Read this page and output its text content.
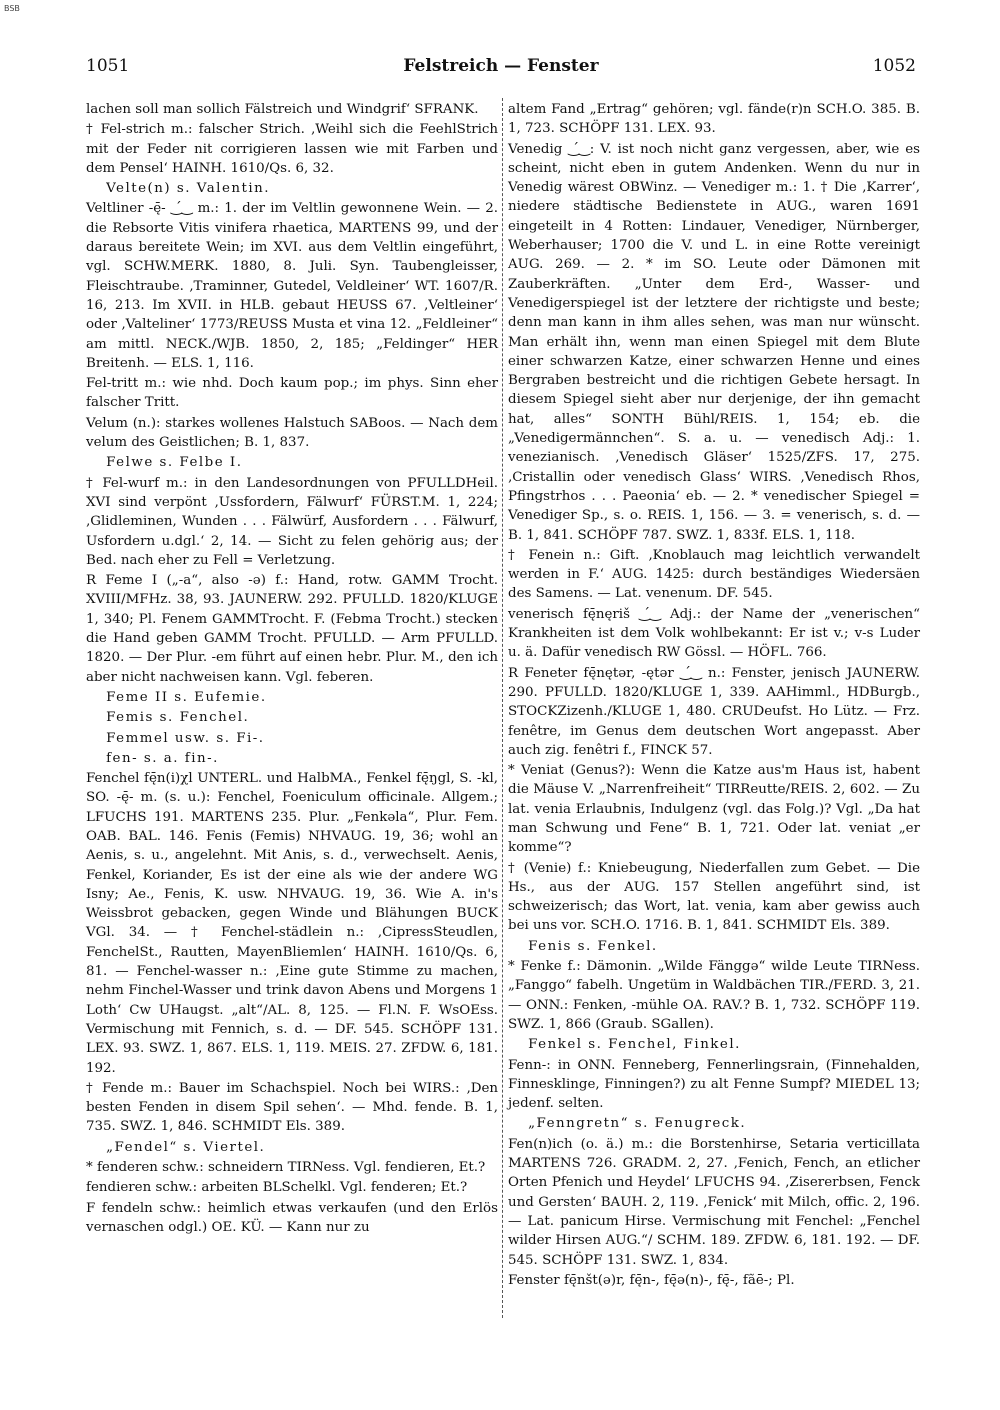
BSB
1051	Felstreich — Fenster	1052

lachen soll man sollich Fälstreich und Windgrif‘ SFRANK.

† Fel-strich m.: falscher Strich. ‚Weihl sich die FeehlStrich mit der Feder nit corrigieren lassen wie mit Farben und dem Pensel‘ HAINH. 1610/Qs. 6, 32.

Velte(n) s. Valentin.

Veltliner -ę̄- ‿́‿ m.: 1. der im Veltlin gewonnene Wein. — 2. die Rebsorte Vitis vinifera rhaetica, MARTENS 99, und der daraus bereitete Wein; im XVI. aus dem Veltlin eingeführt, vgl. SCHW.MERK. 1880, 8. Juli. Syn. Taubengleisser, Fleischtraube. ‚Traminner, Gutedel, Veldleiner‘ WT. 1607/R. 16, 213. Im XVII. in HLB. gebaut HEUSS 67. ‚Veltleiner‘ oder ‚Valteliner‘ 1773/REUSS Musta et vina 12. „Feldleiner“ am mittl. NECK./WJB. 1850, 2, 185; „Feldinger“ HER Breitenh. — ELS. 1, 116.

Fel-tritt m.: wie nhd. Doch kaum pop.; im phys. Sinn eher falscher Tritt.

Velum (n.): starkes wollenes Halstuch SABoos. — Nach dem velum des Geistlichen; B. 1, 837.

Felwe s. Felbe I.

† Fel-wurf m.: in den Landesordnungen von PFULLDHeil. XVI sind verpönt ‚Ussfordern, Fälwurf‘ FÜRST.M. 1, 224; ‚Glidleminen, Wunden . . . Fälwürf, Ausfordern . . . Fälwurf, Usfordern u.dgl.‘ 2, 14. — Sicht zu felen gehörig aus; der Bed. nach eher zu Fell = Verletzung.

R Feme I („-a“, also -ə) f.: Hand, rotw. GAMM Trocht. XVIII/MFHz. 38, 93. JAUNERW. 292. PFULLD. 1820/KLUGE 1, 340; Pl. Fenem GAMMTrocht. F. (Febma Trocht.) stecken die Hand geben GAMM Trocht. PFULLD. — Arm PFULLD. 1820. — Der Plur. -em führt auf einen hebr. Plur. M., den ich aber nicht nachweisen kann. Vgl. feberen.

Feme II s. Eufemie.

Femis s. Fenchel.

Femmel usw. s. Fi-.

fen- s. a. fin-.

Fenchel fę̄n(i)χl UNTERL. und HalbMA., Fenkel fę̄ŋgl, S. -kl, SO. -ę̄- m. (s. u.): Fenchel, Foeniculum officinale. Allgem.; LFUCHS 191. MARTENS 235. Plur. „Fenkəla“, Plur. Fem. OAB. BAL. 146. Fenis (Femis) NHVAUG. 19, 36; wohl an Aenis, s. u., angelehnt. Mit Anis, s. d., verwechselt. Aenis, Fenkel, Koriander, Es ist der eine als wie der andere WG Isny; Ae., Fenis, K. usw. NHVAUG. 19, 36. Wie A. in's Weissbrot gebacken, gegen Winde und Blähungen BUCK VGl. 34. — † Fenchel-städlein n.: ‚CipressSteudlen, FenchelSt., Rautten, MayenBliemlen‘ HAINH. 1610/Qs. 6, 81. — Fenchel-wasser n.: ‚Eine gute Stimme zu machen, nehm Finchel-Wasser und trink davon Abens und Morgens 1 Loth‘ Cw UHaugst. „alt“/AL. 8, 125. — Fl.N. F. WsOEss. Vermischung mit Fennich, s. d. — DF. 545. SCHÖPF 131. LEX. 93. SWZ. 1, 867. ELS. 1, 119. MEIS. 27. ZFDW. 6, 181. 192.

† Fende m.: Bauer im Schachspiel. Noch bei WIRS.: ‚Den besten Fenden in disem Spil sehen‘. — Mhd. fende. B. 1, 735. SWZ. 1, 846. SCHMIDT Els. 389.

„Fendel“ s. Viertel.

* fenderen schw.: schneidern TIRNess. Vgl. fendieren, Et.?

fendieren schw.: arbeiten BLSchelkl. Vgl. fenderen; Et.?

F fendeln schw.: heimlich etwas verkaufen (und den Erlös vernaschen odgl.) OE. KÜ. — Kann nur zu

altem Fand „Ertrag“ gehören; vgl. fände(r)n SCH.O. 385. B. 1, 723. SCHÖPF 131. LEX. 93.

Venedig ‿́‿: V. ist noch nicht ganz vergessen, aber, wie es scheint, nicht eben in gutem Andenken. Wenn du nur in Venedig wärest OBWinz. — Venediger m.: 1. † Die ‚Karrer‘, niedere städtische Bedienstete in AUG., waren 1691 eingeteilt in 4 Rotten: Lindauer, Venediger, Nürnberger, Weberhauser; 1700 die V. und L. in eine Rotte vereinigt AUG. 269. — 2. * im SO. Leute oder Dämonen mit Zauberkräften. „Unter dem Erd-, Wasser- und Venedigerspiegel ist der letztere der richtigste und beste; denn man kann in ihm alles sehen, was man nur wünscht. Man erhält ihn, wenn man einen Spiegel mit dem Blute einer schwarzen Katze, einer schwarzen Henne und eines Bergraben bestreicht und die richtigen Gebete hersagt. In diesem Spiegel sieht aber nur derjenige, der ihn gemacht hat, alles“ SONTH Bühl/REIS. 1, 154; eb. die „Venedigermännchen“. S. a. u. — venedisch Adj.: 1. venezianisch. ‚Venedisch Gläser‘ 1525/ZFS. 17, 275. ‚Cristallin oder venedisch Glass‘ WIRS. ‚Venedisch Rhos, Pfingstrhos . . . Paeonia‘ eb. — 2. * venedischer Spiegel = Venediger Sp., s. o. REIS. 1, 156. — 3. = venerisch, s. d. — B. 1, 841. SCHÖPF 787. SWZ. 1, 833f. ELS. 1, 118.

† Fenein n.: Gift. ‚Knoblauch mag leichtlich verwandelt werden in F.‘ AUG. 1425: durch beständiges Wiedersäen des Samens. — Lat. venenum. DF. 545.

venerisch fę̄nęriš ‿́‿ Adj.: der Name der „venerischen“ Krankheiten ist dem Volk wohlbekannt: Er ist v.; v-s Luder u. ä. Dafür venedisch RW Gössl. — HÖFL. 766.

R Feneter fę̄nętər, -ętər ‿́‿ n.: Fenster, jenisch JAUNERW. 290. PFULLD. 1820/KLUGE 1, 339. AAHimml., HDBurgb., STOCKZizenh./KLUGE 1, 480. CRUDeufst. Ho Lütz. — Frz. fenêtre, im Genus dem deutschen Wort angepasst. Aber auch zig. fenêtri f., FINCK 57.

* Veniat (Genus?): Wenn die Katze aus'm Haus ist, habent die Mäuse V. „Narrenfreiheit“ TIRReutte/REIS. 2, 602. — Zu lat. venia Erlaubnis, Indulgenz (vgl. das Folg.)? Vgl. „Da hat man Schwung und Fene“ B. 1, 721. Oder lat. veniat „er komme“?

† (Venie) f.: Kniebeugung, Niederfallen zum Gebet. — Die Hs., aus der AUG. 157 Stellen angeführt sind, ist schweizerisch; das Wort, lat. venia, kam aber gewiss auch bei uns vor. SCH.O. 1716. B. 1, 841. SCHMIDT Els. 389.

Fenis s. Fenkel.

* Fenke f.: Dämonin. „Wilde Fänggə“ wilde Leute TIRNess. „Fanggo“ fabelh. Ungetüm in Waldbächen TIR./FERD. 3, 21. — ONN.: Fenken, -mühle OA. RAV.? B. 1, 732. SCHÖPF 119. SWZ. 1, 866 (Graub. SGallen).

Fenkel s. Fenchel, Finkel.

Fenn-: in ONN. Fenneberg, Fennerlingsrain, (Finnehalden, Finnesklinge, Finningen?) zu alt Fenne Sumpf? MIEDEL 13; jedenf. selten.

„Fenngretn“ s. Fenugreck.

Fen(n)ich (o. ä.) m.: die Borstenhirse, Setaria verticillata MARTENS 726. GRADM. 2, 27. ‚Fenich, Fench, an etlicher Orten Pfenich und Heydel‘ LFUCHS 94. ‚Zisererbsen, Fenck und Gersten‘ BAUH. 2, 119. ‚Fenick‘ mit Milch, offic. 2, 196. — Lat. panicum Hirse. Vermischung mit Fenchel: „Fenchel wilder Hirsen AUG.“/ SCHM. 189. ZFDW. 6, 181. 192. — DF. 545. SCHÖPF 131. SWZ. 1, 834.

Fenster fę̄nšt(ə)r, fę̄n-, fę̄ə(n)-, fę̄-, fãē-; Pl.
